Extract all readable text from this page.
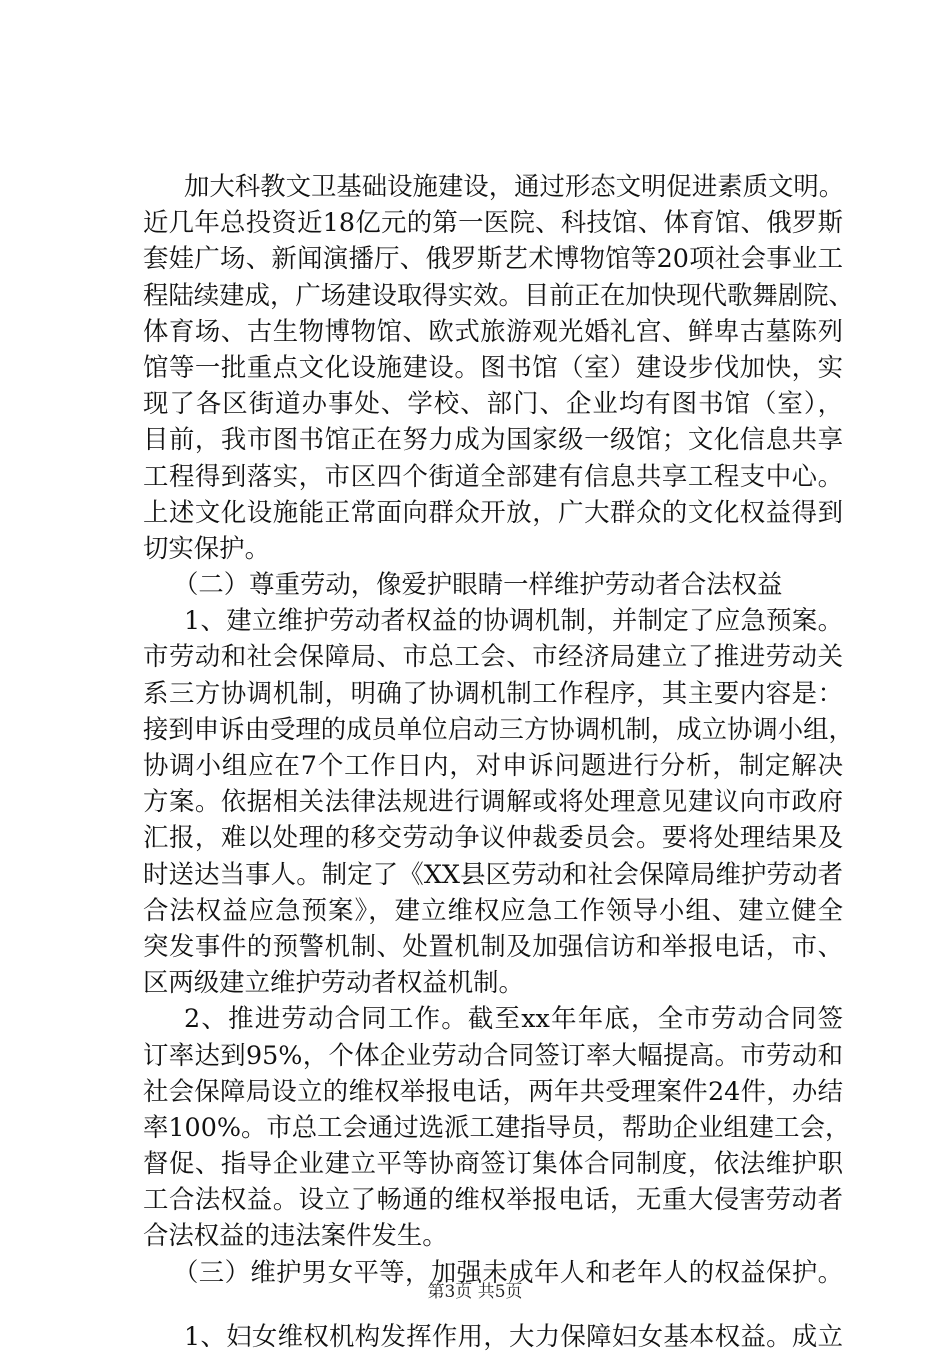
加大科教文卫基础设施建设，通过形态文明促进素质文明。
近几年总投资近18亿元的第一医院、科技馆、体育馆、俄罗斯
套娃广场、新闻演播厅、俄罗斯艺术博物馆等20项社会事业工
程陆续建成，广场建设取得实效。目前正在加快现代歌舞剧院、
体育场、古生物博物馆、欧式旅游观光婚礼宫、鲜卑古墓陈列
馆等一批重点文化设施建设。图书馆（室）建设步伐加快，实
现了各区街道办事处、学校、部门、企业均有图书馆（室），
目前，我市图书馆正在努力成为国家级一级馆；文化信息共享
工程得到落实，市区四个街道全部建有信息共享工程支中心。
上述文化设施能正常面向群众开放，广大群众的文化权益得到
切实保护。
（二）尊重劳动，像爱护眼睛一样维护劳动者合法权益
1、建立维护劳动者权益的协调机制，并制定了应急预案。
市劳动和社会保障局、市总工会、市经济局建立了推进劳动关
系三方协调机制，明确了协调机制工作程序，其主要内容是：
接到申诉由受理的成员单位启动三方协调机制，成立协调小组，
协调小组应在7个工作日内，对申诉问题进行分析，制定解决
方案。依据相关法律法规进行调解或将处理意见建议向市政府
汇报，难以处理的移交劳动争议仲裁委员会。要将处理结果及
时送达当事人。制定了《XX县区劳动和社会保障局维护劳动者
合法权益应急预案》，建立维权应急工作领导小组、建立健全
突发事件的预警机制、处置机制及加强信访和举报电话，市、
区两级建立维护劳动者权益机制。
2、推进劳动合同工作。截至xx年年底，全市劳动合同签
订率达到95%，个体企业劳动合同签订率大幅提高。市劳动和
社会保障局设立的维权举报电话，两年共受理案件24件，办结
率100%。市总工会通过选派工建指导员，帮助企业组建工会，
督促、指导企业建立平等协商签订集体合同制度，依法维护职
工合法权益。设立了畅通的维权举报电话，无重大侵害劳动者
合法权益的违法案件发生。
（三）维护男女平等，加强未成年人和老年人的权益保护。
1、妇女维权机构发挥作用，大力保障妇女基本权益。成立
第3页 共5页
